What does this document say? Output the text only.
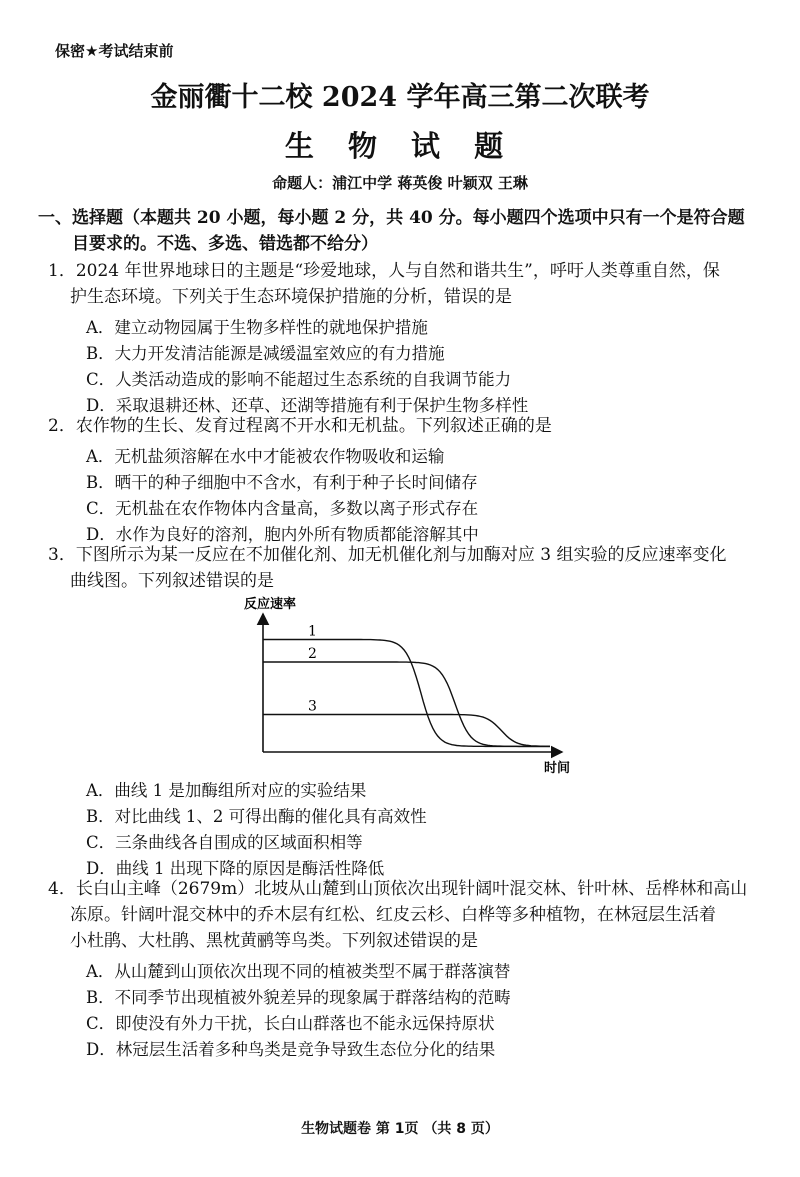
保密★考试结束前
金丽衢十二校 2024 学年高三第二次联考
生 物 试 题
命题人：浦江中学 蒋英俊 叶颖双 王琳
一、选择题（本题共 20 小题，每小题 2 分，共 40 分。每小题四个选项中只有一个是符合题
目要求的。不选、多选、错选都不给分）
1．2024 年世界地球日的主题是“珍爱地球，人与自然和谐共生”，呼吁人类尊重自然，保
护生态环境。下列关于生态环境保护措施的分析，错误的是
A．建立动物园属于生物多样性的就地保护措施
B．大力开发清洁能源是减缓温室效应的有力措施
C．人类活动造成的影响不能超过生态系统的自我调节能力
D．采取退耕还林、还草、还湖等措施有利于保护生物多样性
2．农作物的生长、发育过程离不开水和无机盐。下列叙述正确的是
A．无机盐须溶解在水中才能被农作物吸收和运输
B．晒干的种子细胞中不含水，有利于种子长时间储存
C．无机盐在农作物体内含量高，多数以离子形式存在
D．水作为良好的溶剂，胞内外所有物质都能溶解其中
3．下图所示为某一反应在不加催化剂、加无机催化剂与加酶对应 3 组实验的反应速率变化
曲线图。下列叙述错误的是
反应速率
时间
1
2
3
A．曲线 1 是加酶组所对应的实验结果
B．对比曲线 1、2 可得出酶的催化具有高效性
C．三条曲线各自围成的区域面积相等
D．曲线 1 出现下降的原因是酶活性降低
4．长白山主峰（2679m）北坡从山麓到山顶依次出现针阔叶混交林、针叶林、岳桦林和高山
冻原。针阔叶混交林中的乔木层有红松、红皮云杉、白桦等多种植物，在林冠层生活着
小杜鹃、大杜鹃、黑枕黄鹂等鸟类。下列叙述错误的是
A．从山麓到山顶依次出现不同的植被类型不属于群落演替
B．不同季节出现植被外貌差异的现象属于群落结构的范畴
C．即使没有外力干扰，长白山群落也不能永远保持原状
D．林冠层生活着多种鸟类是竞争导致生态位分化的结果
生物试题卷 第 1页 （共 8 页）
